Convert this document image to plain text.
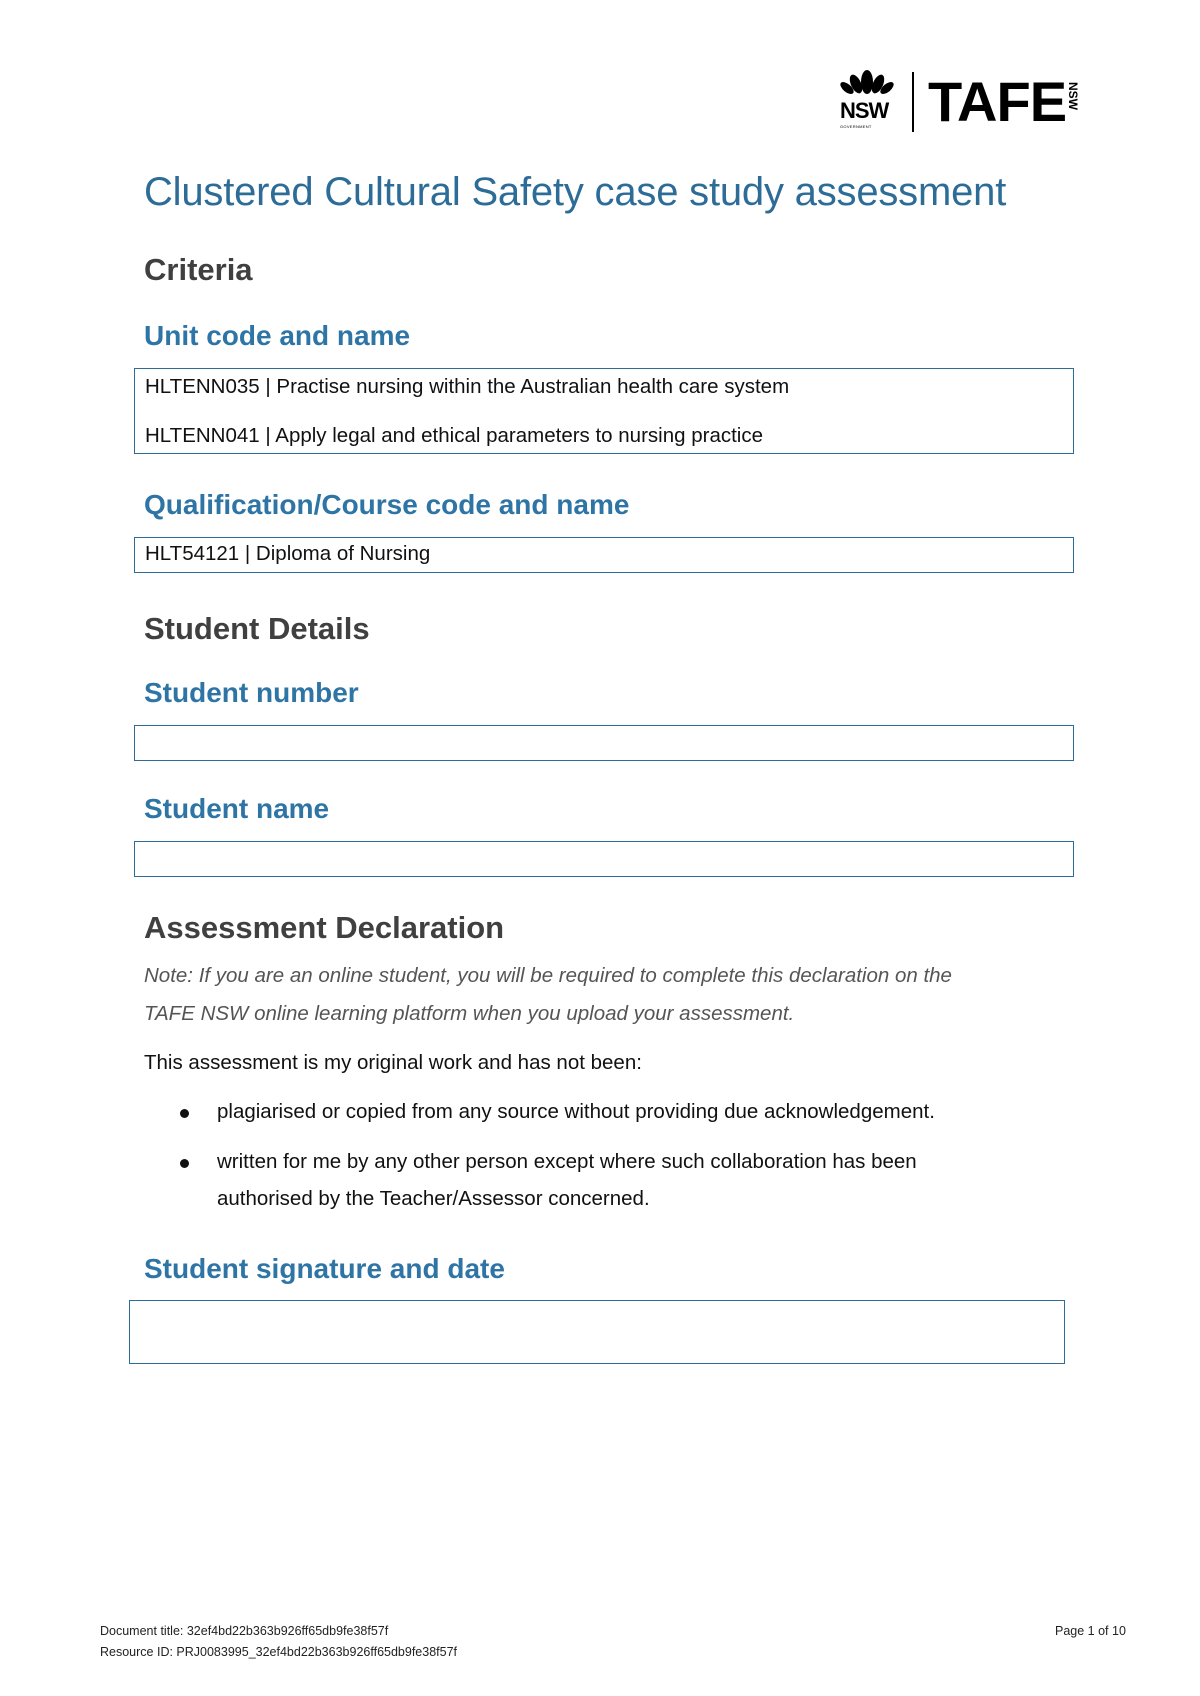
NSW
GOVERNMENT TAFE NSW
Clustered Cultural Safety case study assessment
Criteria
Unit code and name
HLTENN035 | Practise nursing within the Australian health care system
HLTENN041 | Apply legal and ethical parameters to nursing practice
Qualification/Course code and name
HLT54121 | Diploma of Nursing
Student Details
Student number
Student name
Assessment Declaration
Note: If you are an online student, you will be required to complete this declaration on the
TAFE NSW online learning platform when you upload your assessment.
This assessment is my original work and has not been:
plagiarised or copied from any source without providing due acknowledgement.
written for me by any other person except where such collaboration has been
authorised by the Teacher/Assessor concerned.
Student signature and date
Document title: 32ef4bd22b363b926ff65db9fe38f57f
Resource ID: PRJ0083995_32ef4bd22b363b926ff65db9fe38f57f
Page 1 of 10
